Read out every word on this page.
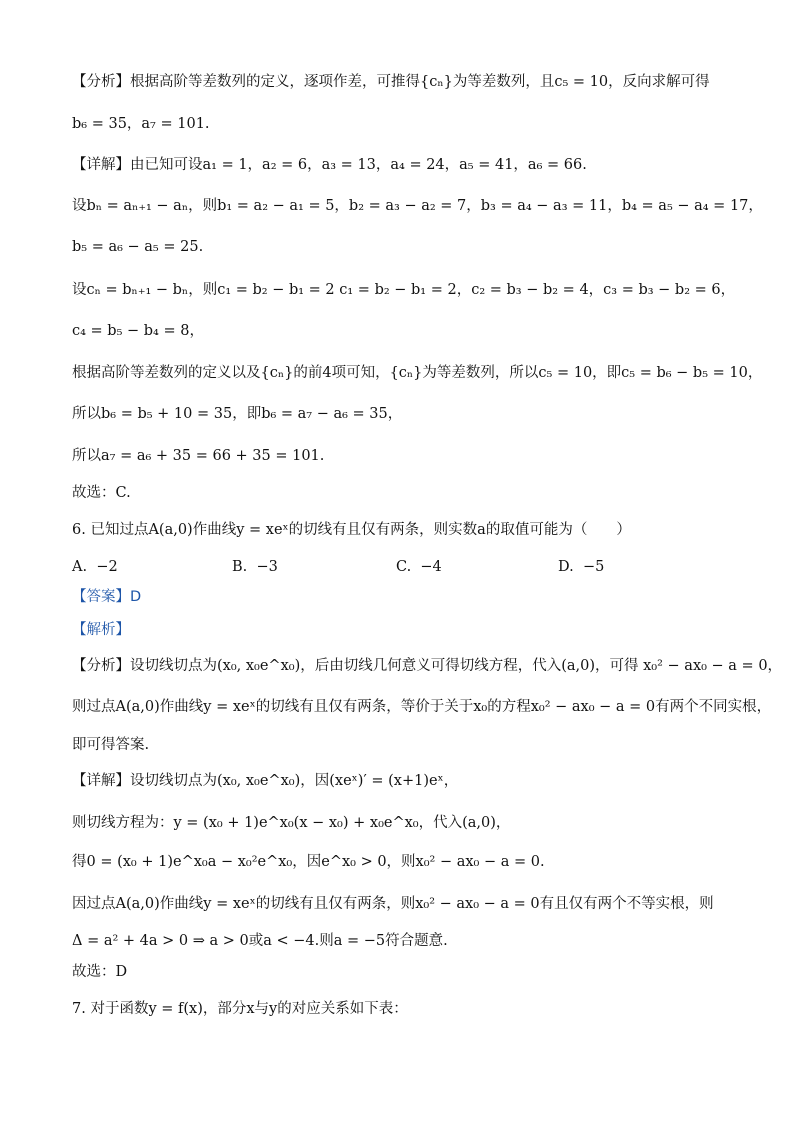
【分析】根据高阶等差数列的定义，逐项作差，可推得{cₙ}为等差数列，且c₅ = 10，反向求解可得
b₆ = 35，a₇ = 101.
【详解】由已知可设a₁ = 1，a₂ = 6，a₃ = 13，a₄ = 24，a₅ = 41，a₆ = 66.
设bₙ = aₙ₊₁ − aₙ，则b₁ = a₂ − a₁ = 5，b₂ = a₃ − a₂ = 7，b₃ = a₄ − a₃ = 11，b₄ = a₅ − a₄ = 17，
b₅ = a₆ − a₅ = 25.
设cₙ = bₙ₊₁ − bₙ，则c₁ = b₂ − b₁ = 2 c₁ = b₂ − b₁ = 2，c₂ = b₃ − b₂ = 4，c₃ = b₃ − b₂ = 6，
c₄ = b₅ − b₄ = 8，
根据高阶等差数列的定义以及{cₙ}的前4项可知，{cₙ}为等差数列，所以c₅ = 10，即c₅ = b₆ − b₅ = 10，
所以b₆ = b₅ + 10 = 35，即b₆ = a₇ − a₆ = 35，
所以a₇ = a₆ + 35 = 66 + 35 = 101.
故选：C.
6. 已知过点A(a,0)作曲线y = xeˣ的切线有且仅有两条，则实数a的取值可能为（　　）
A. −2	B. −3	C. −4	D. −5
【答案】D
【解析】
【分析】设切线切点为(x₀, x₀e^x₀)，后由切线几何意义可得切线方程，代入(a,0)，可得 x₀² − ax₀ − a = 0，
则过点A(a,0)作曲线y = xeˣ的切线有且仅有两条，等价于关于x₀的方程x₀² − ax₀ − a = 0有两个不同实根，
即可得答案.
【详解】设切线切点为(x₀, x₀e^x₀)，因(xeˣ)′ = (x+1)eˣ，
则切线方程为：y = (x₀ + 1)e^x₀(x − x₀) + x₀e^x₀，代入(a,0)，
得0 = (x₀ + 1)e^x₀a − x₀²e^x₀，因e^x₀ > 0，则x₀² − ax₀ − a = 0.
因过点A(a,0)作曲线y = xeˣ的切线有且仅有两条，则x₀² − ax₀ − a = 0有且仅有两个不等实根，则
Δ = a² + 4a > 0 ⇒ a > 0或a < −4.则a = −5符合题意.
故选：D
7. 对于函数y = f(x)，部分x与y的对应关系如下表：
